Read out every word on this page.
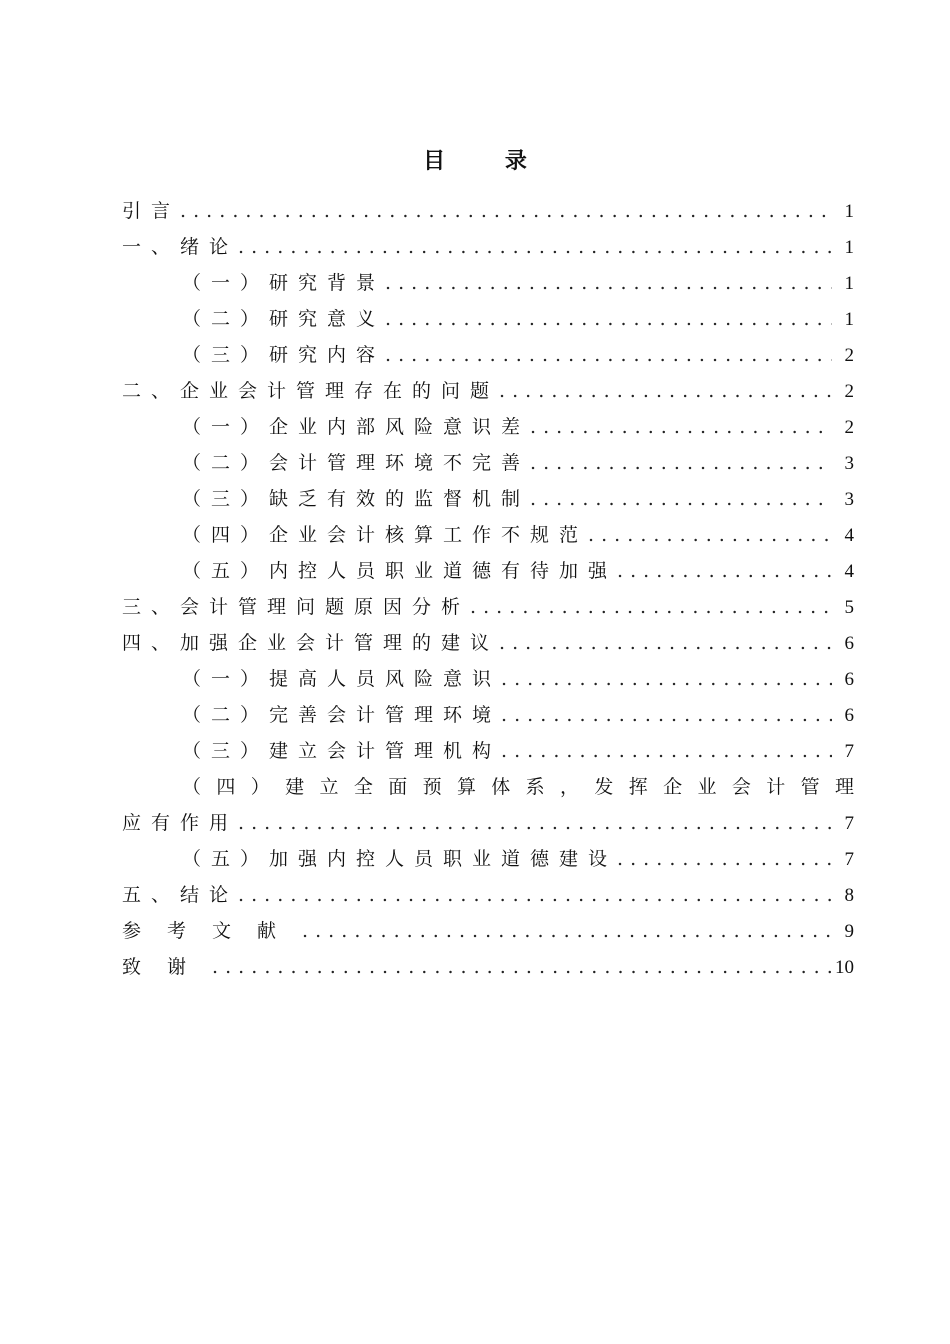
目 录
引言 . . .	1
一、绪论 . . .	1
（一）研究背景 . . .	1
（二）研究意义 . . .	1
（三）研究内容 . . .	2
二、企业会计管理存在的问题 . . .	2
（一）企业内部风险意识差 . . .	2
（二）会计管理环境不完善 . . .	3
（三）缺乏有效的监督机制 . . .	3
（四）企业会计核算工作不规范 . . .	4
（五）内控人员职业道德有待加强 . . .	4
三、会计管理问题原因分析 . . .	5
四、加强企业会计管理的建议 . . .	6
（一）提高人员风险意识 . . .	6
（二）完善会计管理环境 . . .	6
（三）建立会计管理机构 . . .	7
（四）建立全面预算体系，发挥企业会计管理
应有作用 . . .	7
（五）加强内控人员职业道德建设 . . .	7
五、结论 . . .	8
参考文献 . . .	9
致谢 . . .	10
